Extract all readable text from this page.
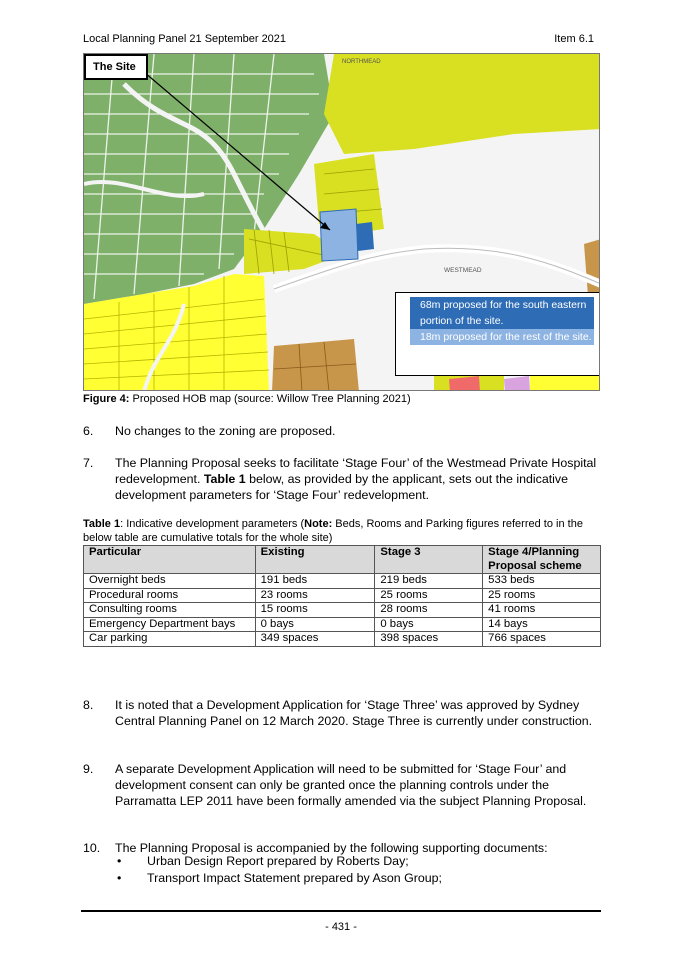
Local Planning Panel 21 September 2021	Item 6.1
NORTHMEAD
WESTMEAD
The Site
■ 68m proposed for the south eastern portion of the site.
■ 18m proposed for the rest of the site.
Figure 4: Proposed HOB map (source: Willow Tree Planning 2021)
6. No changes to the zoning are proposed.
7. The Planning Proposal seeks to facilitate ‘Stage Four’ of the Westmead Private Hospital redevelopment. Table 1 below, as provided by the applicant, sets out the indicative development parameters for ‘Stage Four’ redevelopment.
Table 1: Indicative development parameters (Note: Beds, Rooms and Parking figures referred to in the below table are cumulative totals for the whole site)
Particular	Existing	Stage 3	Stage 4/Planning Proposal scheme
Overnight beds	191 beds	219 beds	533 beds
Procedural rooms	23 rooms	25 rooms	25 rooms
Consulting rooms	15 rooms	28 rooms	41 rooms
Emergency Department bays	0 bays	0 bays	14 bays
Car parking	349 spaces	398 spaces	766 spaces
8. It is noted that a Development Application for ‘Stage Three’ was approved by Sydney Central Planning Panel on 12 March 2020. Stage Three is currently under construction.
9. A separate Development Application will need to be submitted for ‘Stage Four’ and development consent can only be granted once the planning controls under the Parramatta LEP 2011 have been formally amended via the subject Planning Proposal.
10. The Planning Proposal is accompanied by the following supporting documents:
• Urban Design Report prepared by Roberts Day;
• Transport Impact Statement prepared by Ason Group;
- 431 -
